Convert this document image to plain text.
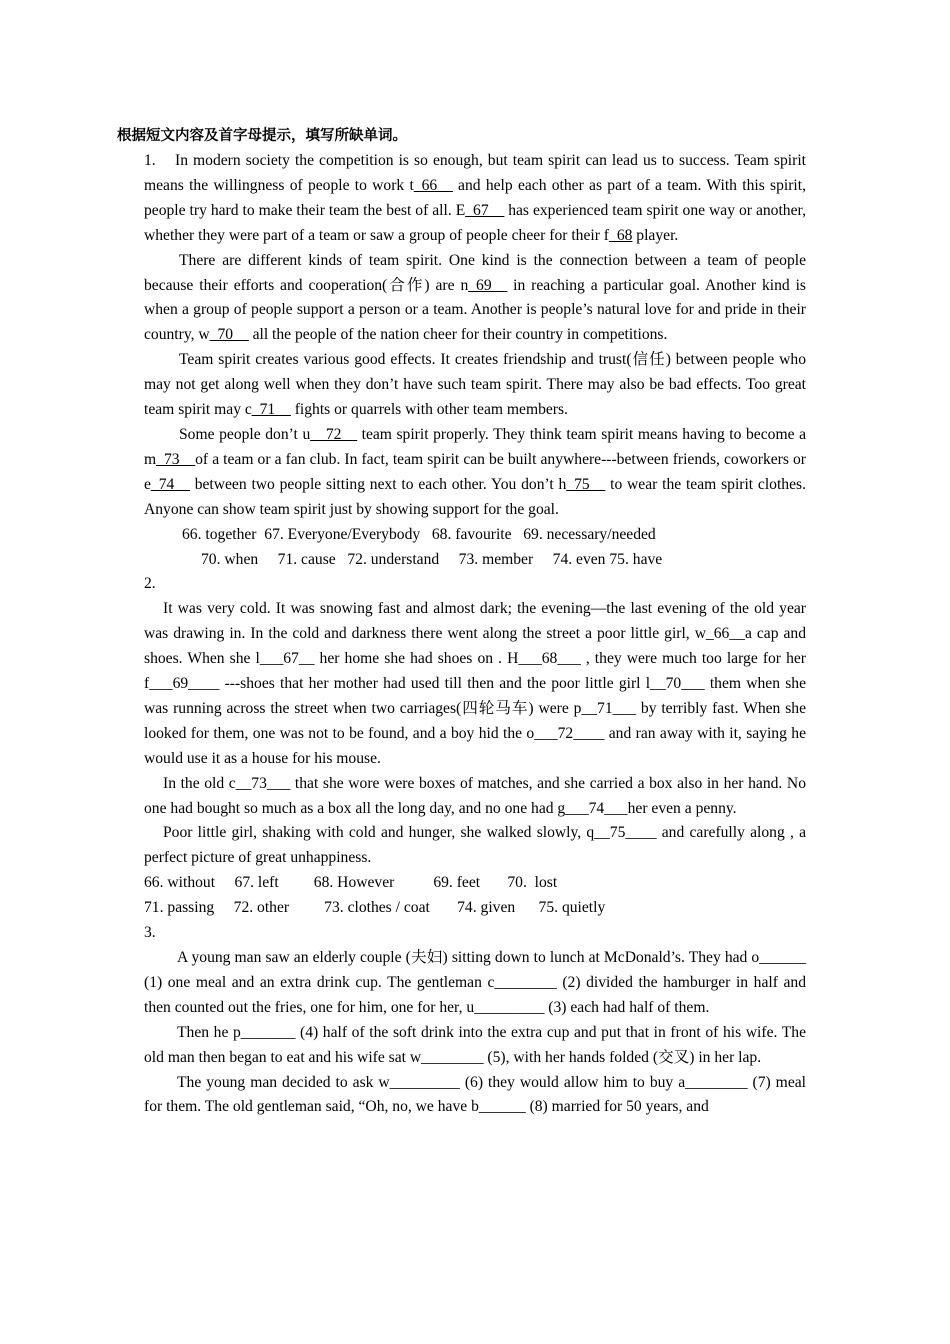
根据短文内容及首字母提示，填写所缺单词。

1. In modern society the competition is so enough, but team spirit can lead us to success. Team spirit means the willingness of people to work t_66__ and help each other as part of a team. With this spirit, people try hard to make their team the best of all. E_67__ has experienced team spirit one way or another, whether they were part of a team or saw a group of people cheer for their f_68 player.

There are different kinds of team spirit. One kind is the connection between a team of people because their efforts and cooperation(合作) are n_69__ in reaching a particular goal. Another kind is when a group of people support a person or a team. Another is people’s natural love for and pride in their country, w_70__ all the people of the nation cheer for their country in competitions.

Team spirit creates various good effects. It creates friendship and trust(信任) between people who may not get along well when they don’t have such team spirit. There may also be bad effects. Too great team spirit may c_71__ fights or quarrels with other team members.

Some people don’t u__72__ team spirit properly. They think team spirit means having to become a m_73__of a team or a fan club. In fact, team spirit can be built anywhere---between friends, coworkers or e_74__ between two people sitting next to each other. You don’t h_75__ to wear the team spirit clothes. Anyone can show team spirit just by showing support for the goal.

66. together  67. Everyone/Everybody   68. favourite   69. necessary/needed

70. when     71. cause   72. understand     73. member     74. even 75. have

2.

It was very cold. It was snowing fast and almost dark; the evening—the last evening of the old year was drawing in. In the cold and darkness there went along the street a poor little girl, w_66__a cap and shoes. When she l___67__ her home she had shoes on . H___68___ , they were much too large for her f___69____ ---shoes that her mother had used till then and the poor little girl l__70___ them when she was running across the street when two carriages(四轮马车) were p__71___ by terribly fast. When she looked for them, one was not to be found, and a boy hid the o___72____ and ran away with it, saying he would use it as a house for his mouse.

In the old c__73___ that she wore were boxes of matches, and she carried a box also in her hand. No one had bought so much as a box all the long day, and no one had g___74___her even a penny.

Poor little girl, shaking with cold and hunger, she walked slowly, q__75____ and carefully along , a perfect picture of great unhappiness.

66. without     67. left         68. However          69. feet       70.  lost

71. passing     72. other         73. clothes / coat       74. given      75. quietly

3.

A young man saw an elderly couple (夫妇) sitting down to lunch at McDonald’s. They had o______ (1) one meal and an extra drink cup. The gentleman c________ (2) divided the hamburger in half and then counted out the fries, one for him, one for her, u_________ (3) each had half of them.

Then he p_______ (4) half of the soft drink into the extra cup and put that in front of his wife. The old man then began to eat and his wife sat w________ (5), with her hands folded (交叉) in her lap.

The young man decided to ask w_________ (6) they would allow him to buy a________ (7) meal for them. The old gentleman said, “Oh, no, we have b______ (8) married for 50 years, and
